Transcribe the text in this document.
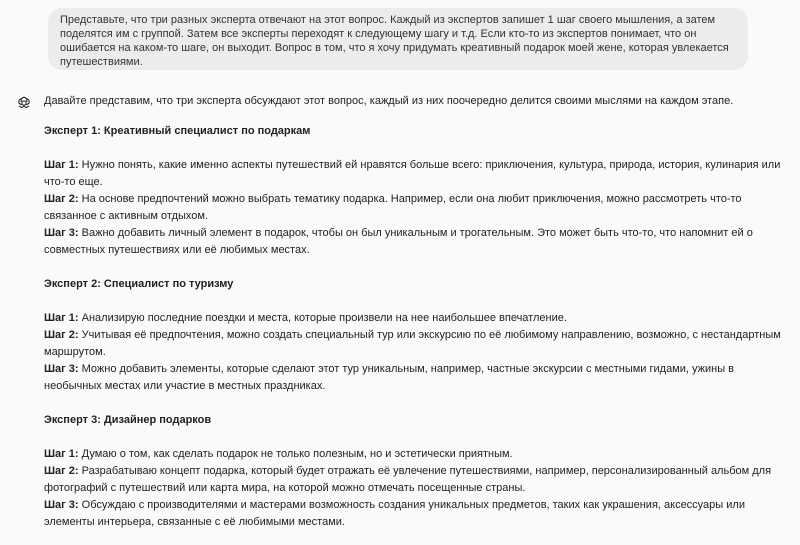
Представьте, что три разных эксперта отвечают на этот вопрос. Каждый из экспертов запишет 1 шаг своего мышления, а затем поделятся им с группой. Затем все эксперты переходят к следующему шагу и т.д. Если кто-то из экспертов понимает, что он ошибается на каком-то шаге, он выходит. Вопрос в том, что я хочу придумать креативный подарок моей жене, которая увлекается путешествиями.

Давайте представим, что три эксперта обсуждают этот вопрос, каждый из них поочередно делится своими мыслями на каждом этапе.

Эксперт 1: Креативный специалист по подаркам

Шаг 1: Нужно понять, какие именно аспекты путешествий ей нравятся больше всего: приключения, культура, природа, история, кулинария или что-то еще.

Шаг 2: На основе предпочтений можно выбрать тематику подарка. Например, если она любит приключения, можно рассмотреть что-то связанное с активным отдыхом.

Шаг 3: Важно добавить личный элемент в подарок, чтобы он был уникальным и трогательным. Это может быть что-то, что напомнит ей о совместных путешествиях или её любимых местах.

Эксперт 2: Специалист по туризму

Шаг 1: Анализирую последние поездки и места, которые произвели на нее наибольшее впечатление.

Шаг 2: Учитывая её предпочтения, можно создать специальный тур или экскурсию по её любимому направлению, возможно, с нестандартным маршрутом.

Шаг 3: Можно добавить элементы, которые сделают этот тур уникальным, например, частные экскурсии с местными гидами, ужины в необычных местах или участие в местных праздниках.

Эксперт 3: Дизайнер подарков

Шаг 1: Думаю о том, как сделать подарок не только полезным, но и эстетически приятным.

Шаг 2: Разрабатываю концепт подарка, который будет отражать её увлечение путешествиями, например, персонализированный альбом для фотографий с путешествий или карта мира, на которой можно отмечать посещенные страны.

Шаг 3: Обсуждаю с производителями и мастерами возможность создания уникальных предметов, таких как украшения, аксессуары или элементы интерьера, связанные с её любимыми местами.
